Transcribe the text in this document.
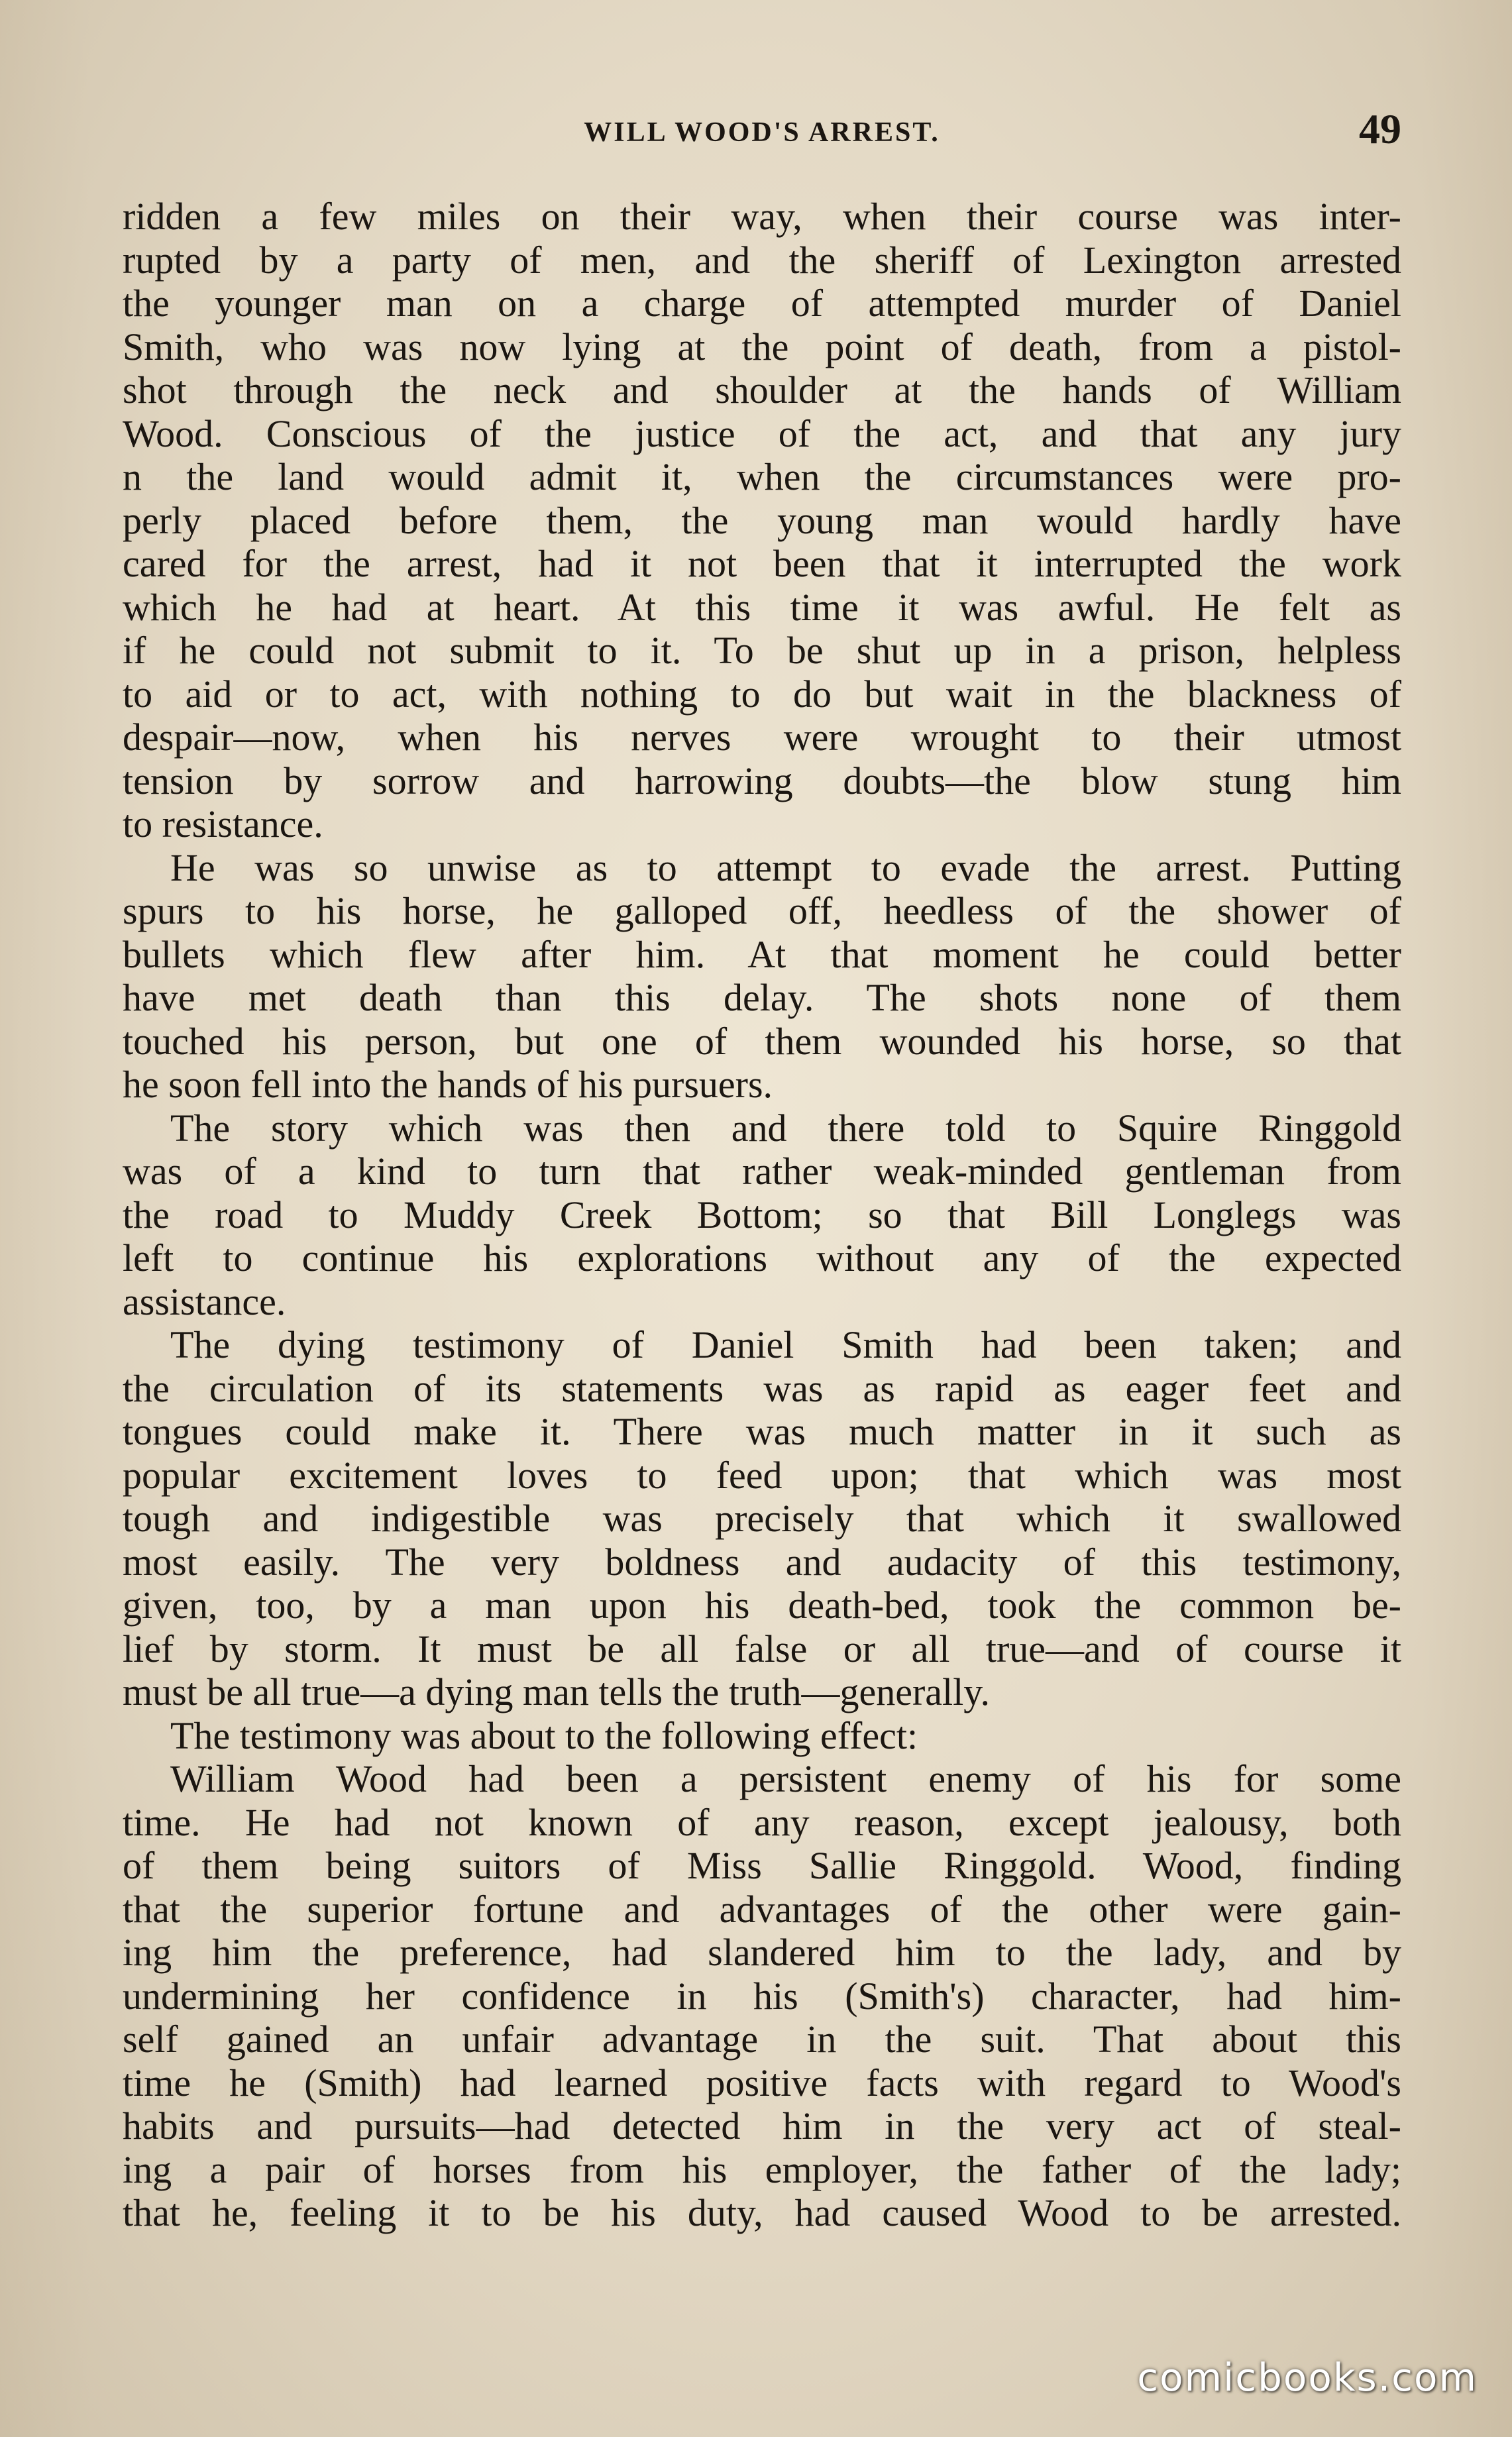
WILL WOOD'S ARREST.	49
ridden a few miles on their way, when their course was inter-
rupted by a party of men, and the sheriff of Lexington arrested
the younger man on a charge of attempted murder of Daniel
Smith, who was now lying at the point of death, from a pistol-
shot through the neck and shoulder at the hands of William
Wood. Conscious of the justice of the act, and that any jury
n the land would admit it, when the circumstances were pro-
perly placed before them, the young man would hardly have
cared for the arrest, had it not been that it interrupted the work
which he had at heart. At this time it was awful. He felt as
if he could not submit to it. To be shut up in a prison, helpless
to aid or to act, with nothing to do but wait in the blackness of
despair—now, when his nerves were wrought to their utmost
tension by sorrow and harrowing doubts—the blow stung him
to resistance.
He was so unwise as to attempt to evade the arrest. Putting
spurs to his horse, he galloped off, heedless of the shower of
bullets which flew after him. At that moment he could better
have met death than this delay. The shots none of them
touched his person, but one of them wounded his horse, so that
he soon fell into the hands of his pursuers.
The story which was then and there told to Squire Ringgold
was of a kind to turn that rather weak-minded gentleman from
the road to Muddy Creek Bottom; so that Bill Longlegs was
left to continue his explorations without any of the expected
assistance.
The dying testimony of Daniel Smith had been taken; and
the circulation of its statements was as rapid as eager feet and
tongues could make it. There was much matter in it such as
popular excitement loves to feed upon; that which was most
tough and indigestible was precisely that which it swallowed
most easily. The very boldness and audacity of this testimony,
given, too, by a man upon his death-bed, took the common be-
lief by storm. It must be all false or all true—and of course it
must be all true—a dying man tells the truth—generally.
The testimony was about to the following effect:
William Wood had been a persistent enemy of his for some
time. He had not known of any reason, except jealousy, both
of them being suitors of Miss Sallie Ringgold. Wood, finding
that the superior fortune and advantages of the other were gain-
ing him the preference, had slandered him to the lady, and by
undermining her confidence in his (Smith's) character, had him-
self gained an unfair advantage in the suit. That about this
time he (Smith) had learned positive facts with regard to Wood's
habits and pursuits—had detected him in the very act of steal-
ing a pair of horses from his employer, the father of the lady;
that he, feeling it to be his duty, had caused Wood to be arrested.
comicbooks.com
